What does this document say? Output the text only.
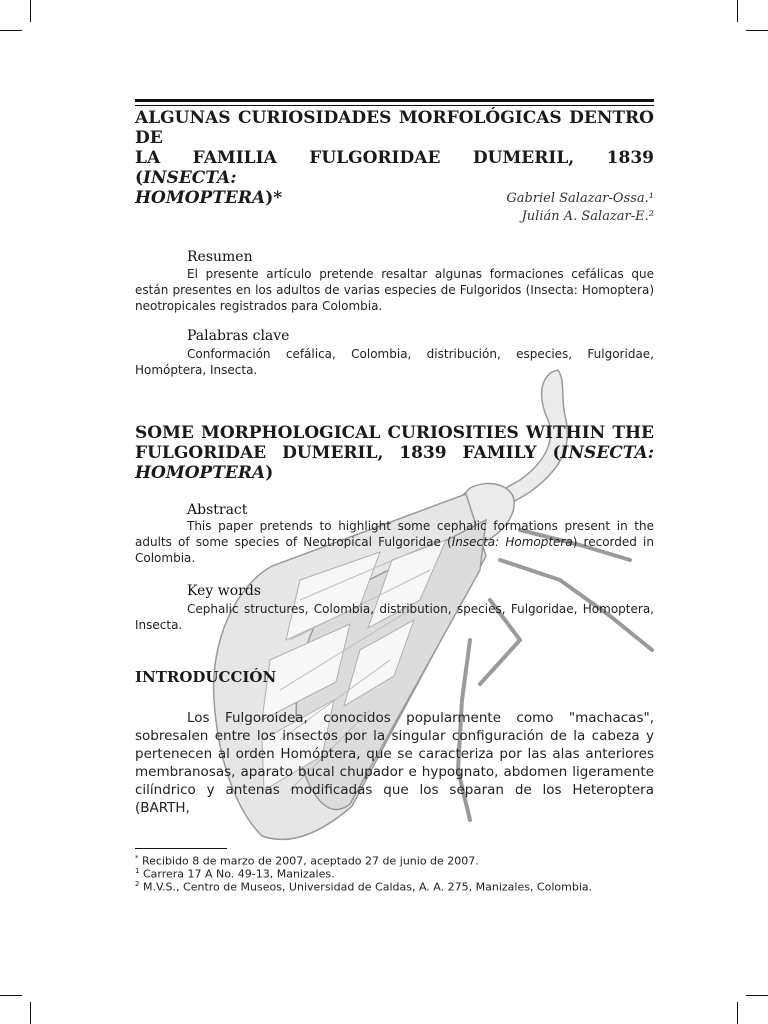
ALGUNAS CURIOSIDADES MORFOLÓGICAS DENTRO DE
LA FAMILIA FULGORIDAE DUMERIL, 1839 (INSECTA:
HOMOPTERA)*	Gabriel Salazar-Ossa.¹
Julián A. Salazar-E.²
Resumen
El presente artículo pretende resaltar algunas formaciones cefálicas que están presentes en los adultos de varias especies de Fulgoridos (Insecta: Homoptera) neotropicales registrados para Colombia.
Palabras clave
Conformación cefálica, Colombia, distribución, especies, Fulgoridae, Homóptera, Insecta.
SOME MORPHOLOGICAL CURIOSITIES WITHIN THE
FULGORIDAE DUMERIL, 1839 FAMILY (INSECTA:
HOMOPTERA)
Abstract
This paper pretends to highlight some cephalic formations present in the adults of some species of Neotropical Fulgoridae (Insecta: Homoptera) recorded in Colombia.
Key words
Cephalic structures, Colombia, distribution, species, Fulgoridae, Homoptera, Insecta.
INTRODUCCIÓN
Los Fulgoroidea, conocidos popularmente como "machacas", sobresalen entre los insectos por la singular configuración de la cabeza y pertenecen al orden Homóptera, que se caracteriza por las alas anteriores membranosas, aparato bucal chupador e hypognato, abdomen ligeramente cilíndrico y antenas modificadas que los separan de los Heteroptera (BARTH,
* Recibido 8 de marzo de 2007, aceptado 27 de junio de 2007.
$^1$ Carrera 17 A No. 49-13, Manizales.
$^2$ M.V.S., Centro de Museos, Universidad de Caldas, A. A. 275, Manizales, Colombia.
